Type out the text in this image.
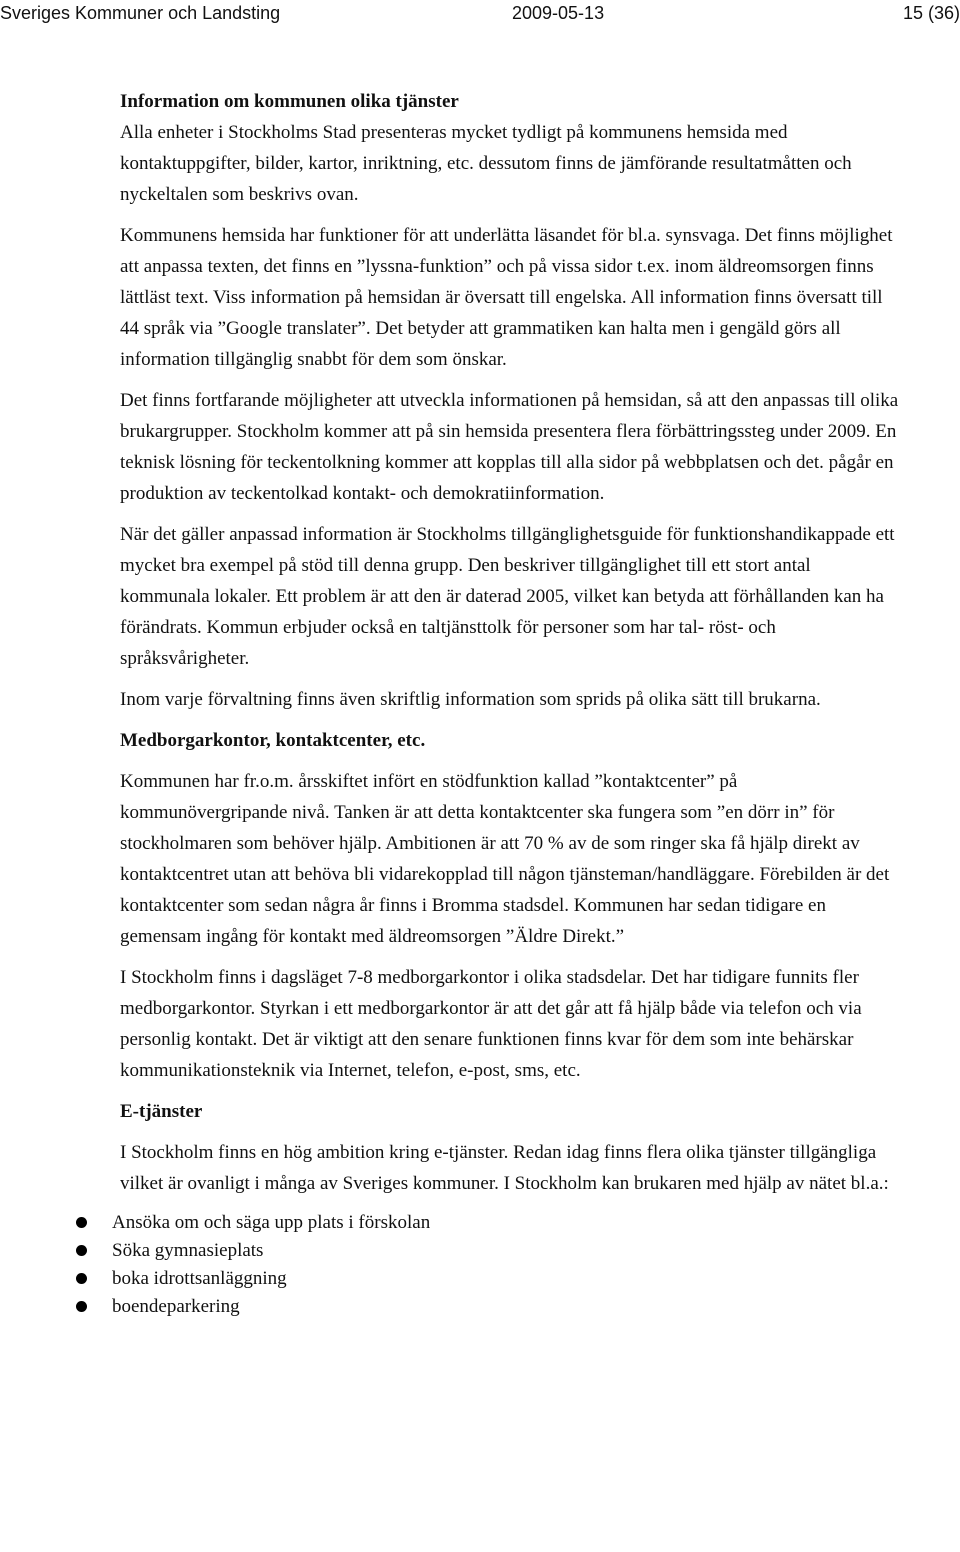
Sveriges Kommuner och Landsting	2009-05-13	15 (36)
Information om kommunen olika tjänster

Alla enheter i Stockholms Stad presenteras mycket tydligt på kommunens hemsida med kontaktuppgifter, bilder, kartor, inriktning, etc. dessutom finns de jämförande resultatmåtten och nyckeltalen som beskrivs ovan.

Kommunens hemsida har funktioner för att underlätta läsandet för bl.a. synsvaga. Det finns möjlighet att anpassa texten, det finns en ”lyssna-funktion” och på vissa sidor t.ex. inom äldreomsorgen finns lättläst text. Viss information på hemsidan är översatt till engelska. All information finns översatt till 44 språk via ”Google translater”. Det betyder att grammatiken kan halta men i gengäld görs all information tillgänglig snabbt för dem som önskar.

Det finns fortfarande möjligheter att utveckla informationen på hemsidan, så att den anpassas till olika brukargrupper. Stockholm kommer att på sin hemsida presentera flera förbättringssteg under 2009. En teknisk lösning för teckentolkning kommer att kopplas till alla sidor på webbplatsen och det. pågår en produktion av teckentolkad kontakt- och demokratiinformation.

När det gäller anpassad information är Stockholms tillgänglighetsguide för funktionshandikappade ett mycket bra exempel på stöd till denna grupp. Den beskriver tillgänglighet till ett stort antal kommunala lokaler. Ett problem är att den är daterad 2005, vilket kan betyda att förhållanden kan ha förändrats. Kommun erbjuder också en taltjänsttolk för personer som har tal- röst- och språksvårigheter.

Inom varje förvaltning finns även skriftlig information som sprids på olika sätt till brukarna.

Medborgarkontor, kontaktcenter, etc.

Kommunen har fr.o.m. årsskiftet infört en stödfunktion kallad ”kontaktcenter” på kommunövergripande nivå. Tanken är att detta kontaktcenter ska fungera som ”en dörr in” för stockholmaren som behöver hjälp. Ambitionen är att 70 % av de som ringer ska få hjälp direkt av kontaktcentret utan att behöva bli vidarekopplad till någon tjänsteman/handläggare. Förebilden är det kontaktcenter som sedan några år finns i Bromma stadsdel. Kommunen har sedan tidigare en gemensam ingång för kontakt med äldreomsorgen ”Äldre Direkt.”

I Stockholm finns i dagsläget 7-8 medborgarkontor i olika stadsdelar. Det har tidigare funnits fler medborgarkontor. Styrkan i ett medborgarkontor är att det går att få hjälp både via telefon och via personlig kontakt. Det är viktigt att den senare funktionen finns kvar för dem som inte behärskar kommunikationsteknik via Internet, telefon, e-post, sms, etc.

E-tjänster

I Stockholm finns en hög ambition kring e-tjänster. Redan idag finns flera olika tjänster tillgängliga vilket är ovanligt i många av Sveriges kommuner. I Stockholm kan brukaren med hjälp av nätet bl.a.:

Ansöka om och säga upp plats i förskolan
Söka gymnasieplats
boka idrottsanläggning
boendeparkering
